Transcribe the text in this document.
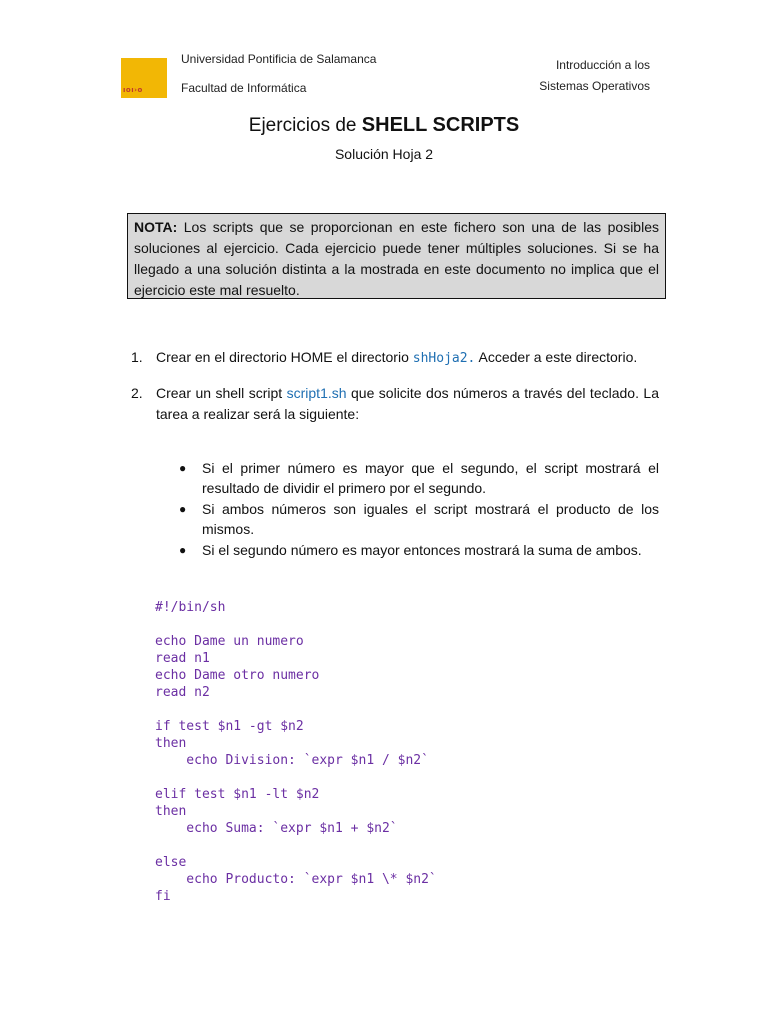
ıoı›o
Universidad Pontificia de Salamanca
Facultad de Informática
Introducción a los
Sistemas Operativos
Ejercicios de SHELL SCRIPTS
Solución Hoja 2
NOTA: Los scripts que se proporcionan en este fichero son una de las posibles soluciones al ejercicio. Cada ejercicio puede tener múltiples soluciones. Si se ha llegado a una solución distinta a la mostrada en este documento no implica que el ejercicio este mal resuelto.
1. Crear en el directorio HOME el directorio shHoja2. Acceder a este directorio.
2. Crear un shell script script1.sh que solicite dos números a través del teclado. La tarea a realizar será la siguiente:
● Si el primer número es mayor que el segundo, el script mostrará el resultado de dividir el primero por el segundo.
● Si ambos números son iguales el script mostrará el producto de los mismos.
● Si el segundo número es mayor entonces mostrará la suma de ambos.
#!/bin/sh
echo Dame un numero
read n1
echo Dame otro numero
read n2
if test $n1 -gt $n2
then
echo Division: `expr $n1 / $n2`
elif test $n1 -lt $n2
then
echo Suma: `expr $n1 + $n2`
else
echo Producto: `expr $n1 \* $n2`
fi
